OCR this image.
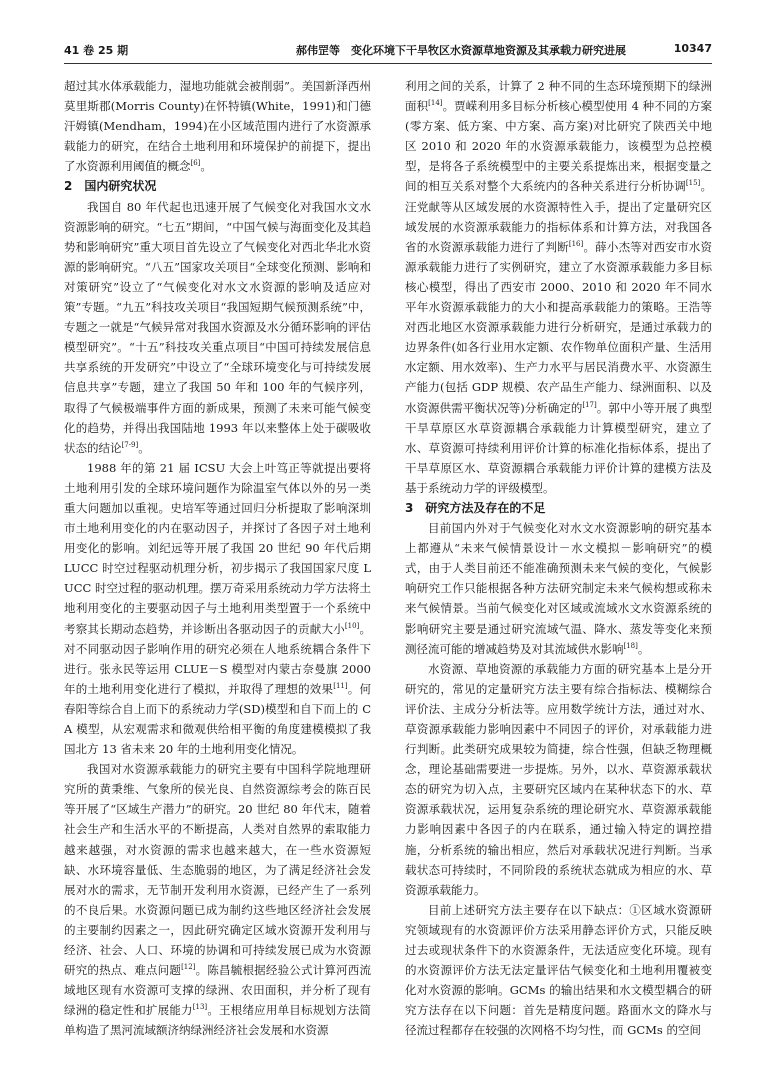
41 卷 25 期	郝伟罡等　变化环境下干旱牧区水资源草地资源及其承载力研究进展	10347

超过其水体承载能力，湿地功能就会被削弱”。美国新泽西州莫里斯郡(Morris County)在怀特镇(White，1991)和门德汗姆镇(Mendham，1994)在小区域范围内进行了水资源承载能力的研究，在结合土地利用和环境保护的前提下，提出了水资源利用阈值的概念[6]。

2　国内研究状况

我国自 80 年代起也迅速开展了气候变化对我国水文水资源影响的研究。“七五”期间，“中国气候与海面变化及其趋势和影响研究”重大项目首先设立了气候变化对西北华北水资源的影响研究。“八五”国家攻关项目“全球变化预测、影响和对策研究”设立了“气候变化对水文水资源的影响及适应对策”专题。“九五”科技攻关项目“我国短期气候预测系统”中，专题之一就是“气候异常对我国水资源及水分循环影响的评估模型研究”。“十五”科技攻关重点项目“中国可持续发展信息共享系统的开发研究”中设立了“全球环境变化与可持续发展信息共享”专题，建立了我国 50 年和 100 年的气候序列，取得了气候极端事件方面的新成果，预测了未来可能气候变化的趋势，并得出我国陆地 1993 年以来整体上处于碳吸收状态的结论[7-9]。

1988 年的第 21 届 ICSU 大会上叶笃正等就提出要将土地利用引发的全球环境问题作为除温室气体以外的另一类重大问题加以重视。史培军等通过回归分析提取了影响深圳市土地利用变化的内在驱动因子，并探讨了各因子对土地利用变化的影响。刘纪远等开展了我国 20 世纪 90 年代后期 LUCC 时空过程驱动机理分析，初步揭示了我国国家尺度 LUCC 时空过程的驱动机理。摆万奇采用系统动力学方法将土地利用变化的主要驱动因子与土地利用类型置于一个系统中考察其长期动态趋势，并诊断出各驱动因子的贡献大小[10]。对不同驱动因子影响作用的研究必须在人地系统耦合条件下进行。张永民等运用 CLUE－S 模型对内蒙古奈曼旗 2000 年的土地利用变化进行了模拟，并取得了理想的效果[11]。何春阳等综合自上而下的系统动力学(SD)模型和自下而上的 CA 模型，从宏观需求和微观供给相平衡的角度建模模拟了我国北方 13 省未来 20 年的土地利用变化情况。

我国对水资源承载能力的研究主要有中国科学院地理研究所的黄秉维、气象所的侯光良、自然资源综考会的陈百民等开展了“区域生产潜力”的研究。20 世纪 80 年代末，随着社会生产和生活水平的不断提高，人类对自然界的索取能力越来越强，对水资源的需求也越来越大，在一些水资源短缺、水环境容量低、生态脆弱的地区，为了满足经济社会发展对水的需求，无节制开发利用水资源，已经产生了一系列的不良后果。水资源问题已成为制约这些地区经济社会发展的主要制约因素之一，因此研究确定区域水资源开发利用与经济、社会、人口、环境的协调和可持续发展已成为水资源研究的热点、难点问题[12]。陈昌毓根据经验公式计算河西流域地区现有水资源可支撑的绿洲、农田面积，并分析了现有绿洲的稳定性和扩展能力[13]。王根绪应用单目标规划方法简单构造了黑河流域额济纳绿洲经济社会发展和水资源

利用之间的关系，计算了 2 种不同的生态环境预期下的绿洲面积[14]。贾嵘利用多目标分析核心模型使用 4 种不同的方案(零方案、低方案、中方案、高方案)对比研究了陕西关中地区 2010 和 2020 年的水资源承载能力，该模型为总控模型，是将各子系统模型中的主要关系提炼出来，根据变量之间的相互关系对整个大系统内的各种关系进行分析协调[15]。汪党献等从区域发展的水资源特性入手，提出了定量研究区域发展的水资源承载能力的指标体系和计算方法，对我国各省的水资源承载能力进行了判断[16]。薛小杰等对西安市水资源承载能力进行了实例研究，建立了水资源承载能力多目标核心模型，得出了西安市 2000、2010 和 2020 年不同水平年水资源承载能力的大小和提高承载能力的策略。王浩等对西北地区水资源承载能力进行分析研究，是通过承载力的边界条件(如各行业用水定额、农作物单位面积产量、生活用水定额、用水效率)、生产力水平与居民消费水平、水资源生产能力(包括 GDP 规模、农产品生产能力、绿洲面积、以及水资源供需平衡状况等)分析确定的[17]。郭中小等开展了典型干旱草原区水草资源耦合承载能力计算模型研究，建立了水、草资源可持续利用评价计算的标准化指标体系，提出了干旱草原区水、草资源耦合承载能力评价计算的建模方法及基于系统动力学的评级模型。

3　研究方法及存在的不足

目前国内外对于气候变化对水文水资源影响的研究基本上都遵从“未来气候情景设计－水文模拟－影响研究”的模式，由于人类目前还不能准确预测未来气候的变化，气候影响研究工作只能根据各种方法研究制定未来气候构想或称未来气候情景。当前气候变化对区域或流域水文水资源系统的影响研究主要是通过研究流域气温、降水、蒸发等变化来预测径流可能的增减趋势及对其流域供水影响[18]。

水资源、草地资源的承载能力方面的研究基本上是分开研究的，常见的定量研究方法主要有综合指标法、模糊综合评价法、主成分分析法等。应用数学统计方法，通过对水、草资源承载能力影响因素中不同因子的评价，对承载能力进行判断。此类研究成果较为简捷，综合性强，但缺乏物理概念，理论基础需要进一步提炼。另外，以水、草资源承载状态的研究为切入点，主要研究区域内在某种状态下的水、草资源承载状况，运用复杂系统的理论研究水、草资源承载能力影响因素中各因子的内在联系，通过输入特定的调控措施，分析系统的输出相应，然后对承载状况进行判断。当承载状态可持续时，不同阶段的系统状态就成为相应的水、草资源承载能力。

目前上述研究方法主要存在以下缺点：①区域水资源研究领域现有的水资源评价方法采用静态评价方式，只能反映过去或现状条件下的水资源条件，无法适应变化环境。现有的水资源评价方法无法定量评估气候变化和土地利用覆被变化对水资源的影响。GCMs 的输出结果和水文模型耦合的研究方法存在以下问题：首先是精度问题。路面水文的降水与径流过程都存在较强的次网格不均匀性，而 GCMs 的空间
